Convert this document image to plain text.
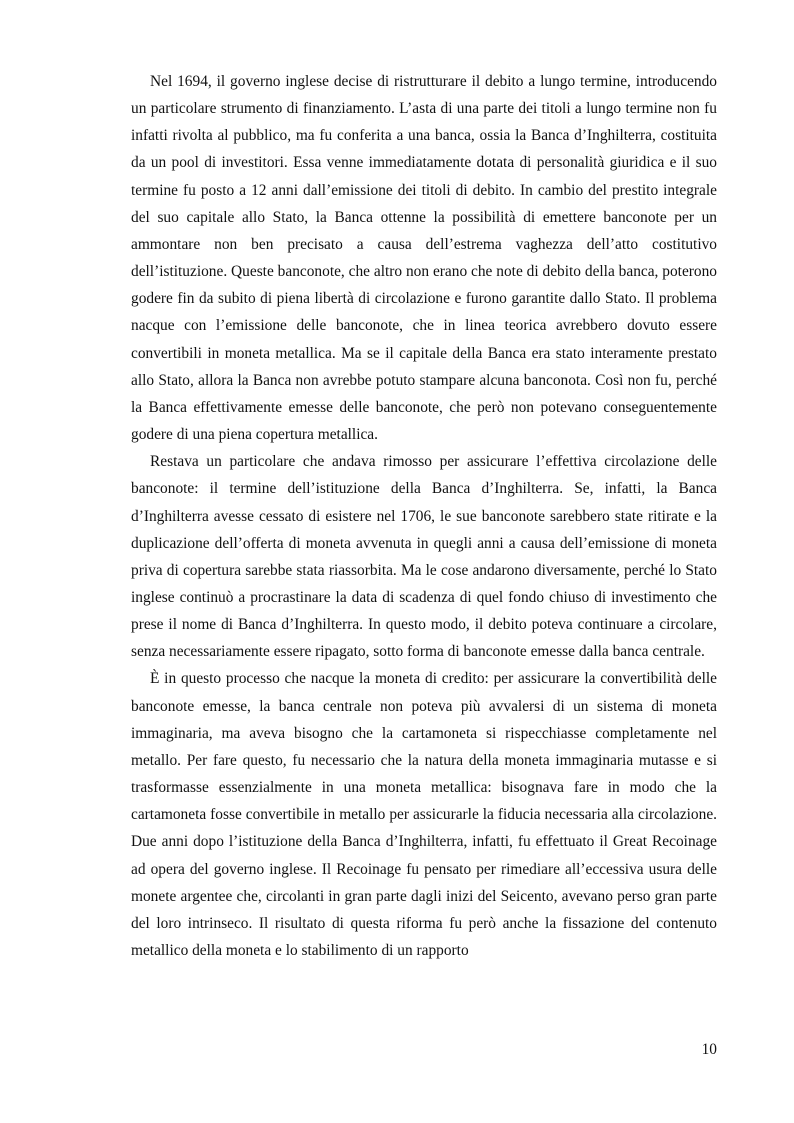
Nel 1694, il governo inglese decise di ristrutturare il debito a lungo termine, introducendo un particolare strumento di finanziamento. L’asta di una parte dei titoli a lungo termine non fu infatti rivolta al pubblico, ma fu conferita a una banca, ossia la Banca d’Inghilterra, costituita da un pool di investitori. Essa venne immediatamente dotata di personalità giuridica e il suo termine fu posto a 12 anni dall’emissione dei titoli di debito. In cambio del prestito integrale del suo capitale allo Stato, la Banca ottenne la possibilità di emettere banconote per un ammontare non ben precisato a causa dell’estrema vaghezza dell’atto costitutivo dell’istituzione. Queste banconote, che altro non erano che note di debito della banca, poterono godere fin da subito di piena libertà di circolazione e furono garantite dallo Stato. Il problema nacque con l’emissione delle banconote, che in linea teorica avrebbero dovuto essere convertibili in moneta metallica. Ma se il capitale della Banca era stato interamente prestato allo Stato, allora la Banca non avrebbe potuto stampare alcuna banconota. Così non fu, perché la Banca effettivamente emesse delle banconote, che però non potevano conseguentemente godere di una piena copertura metallica.

Restava un particolare che andava rimosso per assicurare l’effettiva circolazione delle banconote: il termine dell’istituzione della Banca d’Inghilterra. Se, infatti, la Banca d’Inghilterra avesse cessato di esistere nel 1706, le sue banconote sarebbero state ritirate e la duplicazione dell’offerta di moneta avvenuta in quegli anni a causa dell’emissione di moneta priva di copertura sarebbe stata riassorbita. Ma le cose andarono diversamente, perché lo Stato inglese continuò a procrastinare la data di scadenza di quel fondo chiuso di investimento che prese il nome di Banca d’Inghilterra. In questo modo, il debito poteva continuare a circolare, senza necessariamente essere ripagato, sotto forma di banconote emesse dalla banca centrale.

È in questo processo che nacque la moneta di credito: per assicurare la convertibilità delle banconote emesse, la banca centrale non poteva più avvalersi di un sistema di moneta immaginaria, ma aveva bisogno che la cartamoneta si rispecchiasse completamente nel metallo. Per fare questo, fu necessario che la natura della moneta immaginaria mutasse e si trasformasse essenzialmente in una moneta metallica: bisognava fare in modo che la cartamoneta fosse convertibile in metallo per assicurarle la fiducia necessaria alla circolazione. Due anni dopo l’istituzione della Banca d’Inghilterra, infatti, fu effettuato il Great Recoinage ad opera del governo inglese. Il Recoinage fu pensato per rimediare all’eccessiva usura delle monete argentee che, circolanti in gran parte dagli inizi del Seicento, avevano perso gran parte del loro intrinseco. Il risultato di questa riforma fu però anche la fissazione del contenuto metallico della moneta e lo stabilimento di un rapporto

10
